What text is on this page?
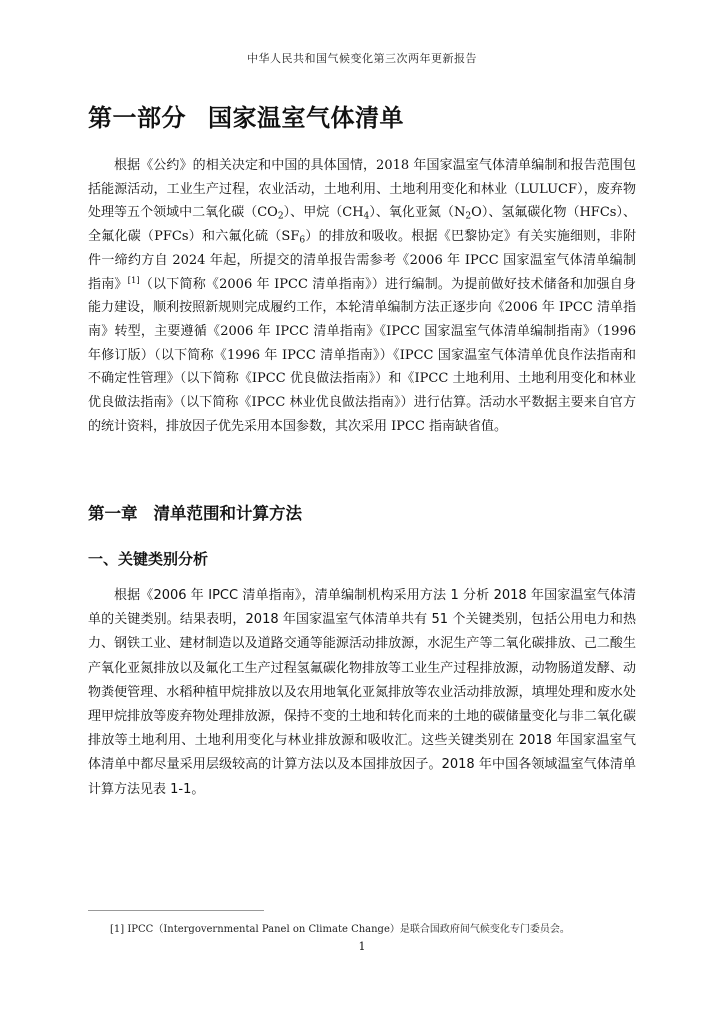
中华人民共和国气候变化第三次两年更新报告
第一部分 国家温室气体清单

根据《公约》的相关决定和中国的具体国情，2018 年国家温室气体清单编制和报告范围包括能源活动，工业生产过程，农业活动，土地利用、土地利用变化和林业（LULUCF），废弃物处理等五个领域中二氧化碳$(CO_2)$、甲烷$(CH_4)$、氧化亚氮$(N_2O)$、氢氟碳化物（HFCs）、全氟化碳（PFCs）和六氟化硫$(SF_6)$的排放和吸收。根据《巴黎协定》有关实施细则，非附件一缔约方自 2024 年起，所提交的清单报告需参考《2006 年 IPCC 国家温室气体清单编制指南》[1]（以下简称《2006 年 IPCC 清单指南》）进行编制。为提前做好技术储备和加强自身能力建设，顺利按照新规则完成履约工作，本轮清单编制方法正逐步向《2006 年 IPCC 清单指南》转型，主要遵循《2006 年 IPCC 清单指南》《IPCC 国家温室气体清单编制指南》（1996 年修订版）（以下简称《1996 年 IPCC 清单指南》）《IPCC 国家温室气体清单优良作法指南和不确定性管理》（以下简称《IPCC 优良做法指南》）和《IPCC 土地利用、土地利用变化和林业优良做法指南》（以下简称《IPCC 林业优良做法指南》）进行估算。活动水平数据主要来自官方的统计资料，排放因子优先采用本国参数，其次采用 IPCC 指南缺省值。

第一章 清单范围和计算方法
一、关键类别分析

根据《2006 年 IPCC 清单指南》，清单编制机构采用方法 1 分析 2018 年国家温室气体清单的关键类别。结果表明，2018 年国家温室气体清单共有 51 个关键类别，包括公用电力和热力、钢铁工业、建材制造以及道路交通等能源活动排放源，水泥生产等二氧化碳排放、己二酸生产氧化亚氮排放以及氟化工生产过程氢氟碳化物排放等工业生产过程排放源，动物肠道发酵、动物粪便管理、水稻种植甲烷排放以及农用地氧化亚氮排放等农业活动排放源，填埋处理和废水处理甲烷排放等废弃物处理排放源，保持不变的土地和转化而来的土地的碳储量变化与非二氧化碳排放等土地利用、土地利用变化与林业排放源和吸收汇。这些关键类别在 2018 年国家温室气体清单中都尽量采用层级较高的计算方法以及本国排放因子。2018 年中国各领域温室气体清单计算方法见表 1-1。

[1] IPCC（Intergovernmental Panel on Climate Change）是联合国政府间气候变化专门委员会。
1
